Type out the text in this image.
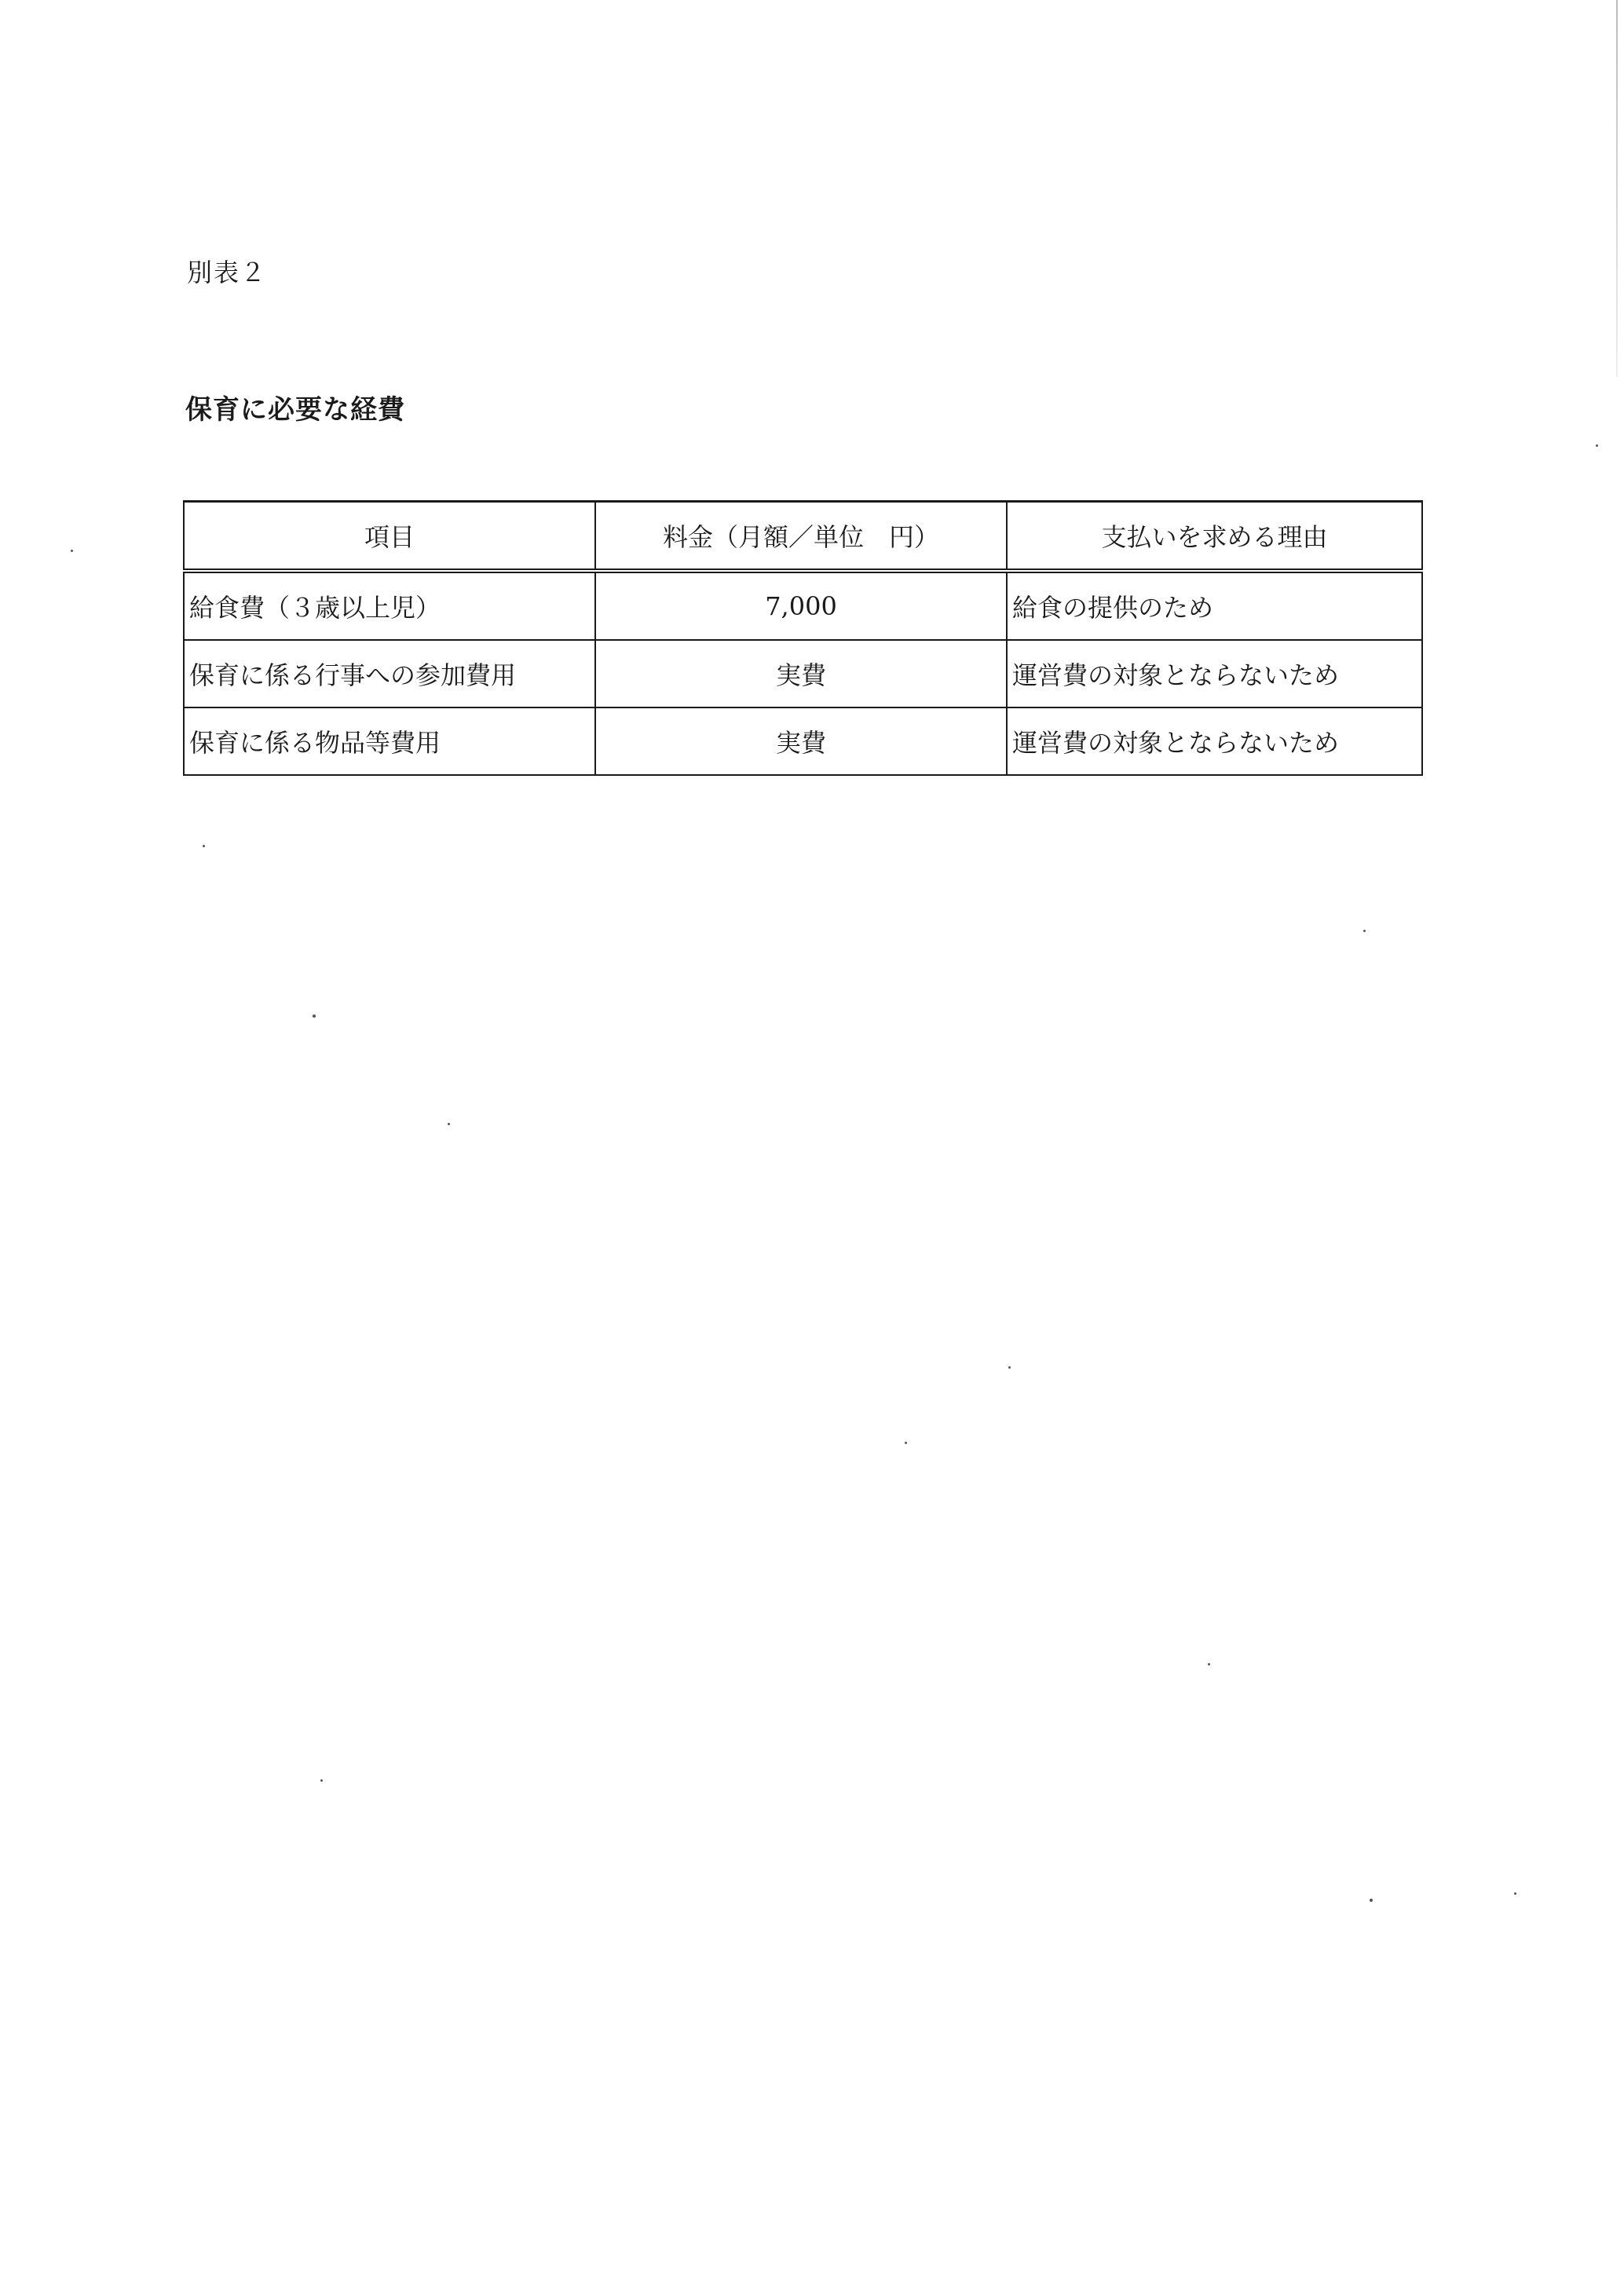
別表２
保育に必要な経費
項目	料金（月額／単位　円）	支払いを求める理由
給食費（３歳以上児）	7,000	給食の提供のため
保育に係る行事への参加費用	実費	運営費の対象とならないため
保育に係る物品等費用	実費	運営費の対象とならないため
